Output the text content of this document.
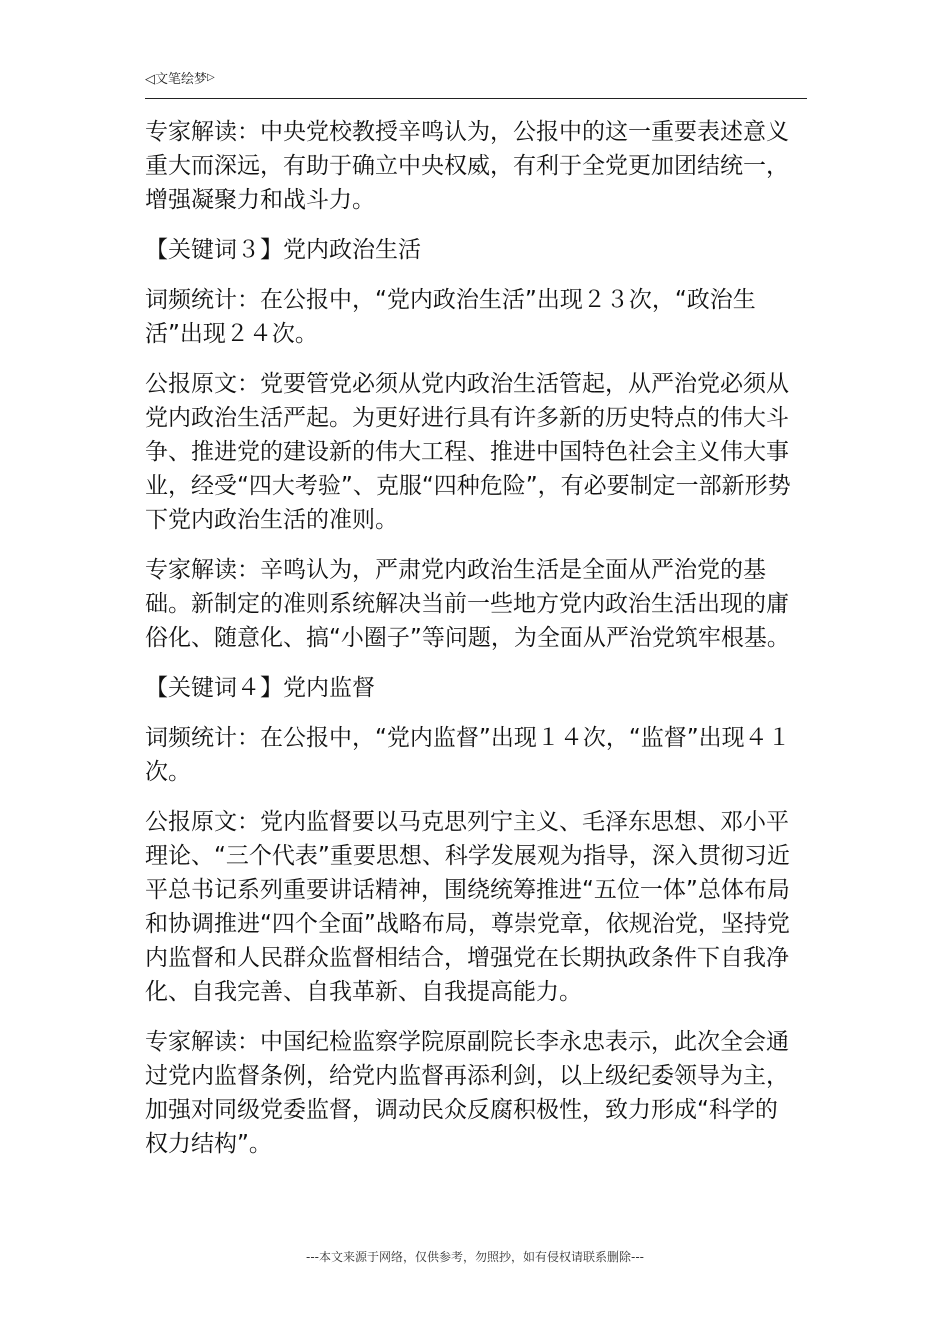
◁ 文笔绘梦 ▷

专家解读：中央党校教授辛鸣认为，公报中的这一重要表述意义重大而深远，有助于确立中央权威，有利于全党更加团结统一，增强凝聚力和战斗力。

【关键词３】党内政治生活

词频统计：在公报中，“党内政治生活”出现２３次，“政治生活”出现２４次。

公报原文：党要管党必须从党内政治生活管起，从严治党必须从党内政治生活严起。为更好进行具有许多新的历史特点的伟大斗争、推进党的建设新的伟大工程、推进中国特色社会主义伟大事业，经受“四大考验”、克服“四种危险”，有必要制定一部新形势下党内政治生活的准则。

专家解读：辛鸣认为，严肃党内政治生活是全面从严治党的基础。新制定的准则系统解决当前一些地方党内政治生活出现的庸俗化、随意化、搞“小圈子”等问题，为全面从严治党筑牢根基。

【关键词４】党内监督

词频统计：在公报中，“党内监督”出现１４次，“监督”出现４１次。

公报原文：党内监督要以马克思列宁主义、毛泽东思想、邓小平理论、“三个代表”重要思想、科学发展观为指导，深入贯彻习近平总书记系列重要讲话精神，围绕统筹推进“五位一体”总体布局和协调推进“四个全面”战略布局，尊崇党章，依规治党，坚持党内监督和人民群众监督相结合，增强党在长期执政条件下自我净化、自我完善、自我革新、自我提高能力。

专家解读：中国纪检监察学院原副院长李永忠表示，此次全会通过党内监督条例，给党内监督再添利剑，以上级纪委领导为主，加强对同级党委监督，调动民众反腐积极性，致力形成“科学的权力结构”。

---本文来源于网络，仅供参考，勿照抄，如有侵权请联系删除---
